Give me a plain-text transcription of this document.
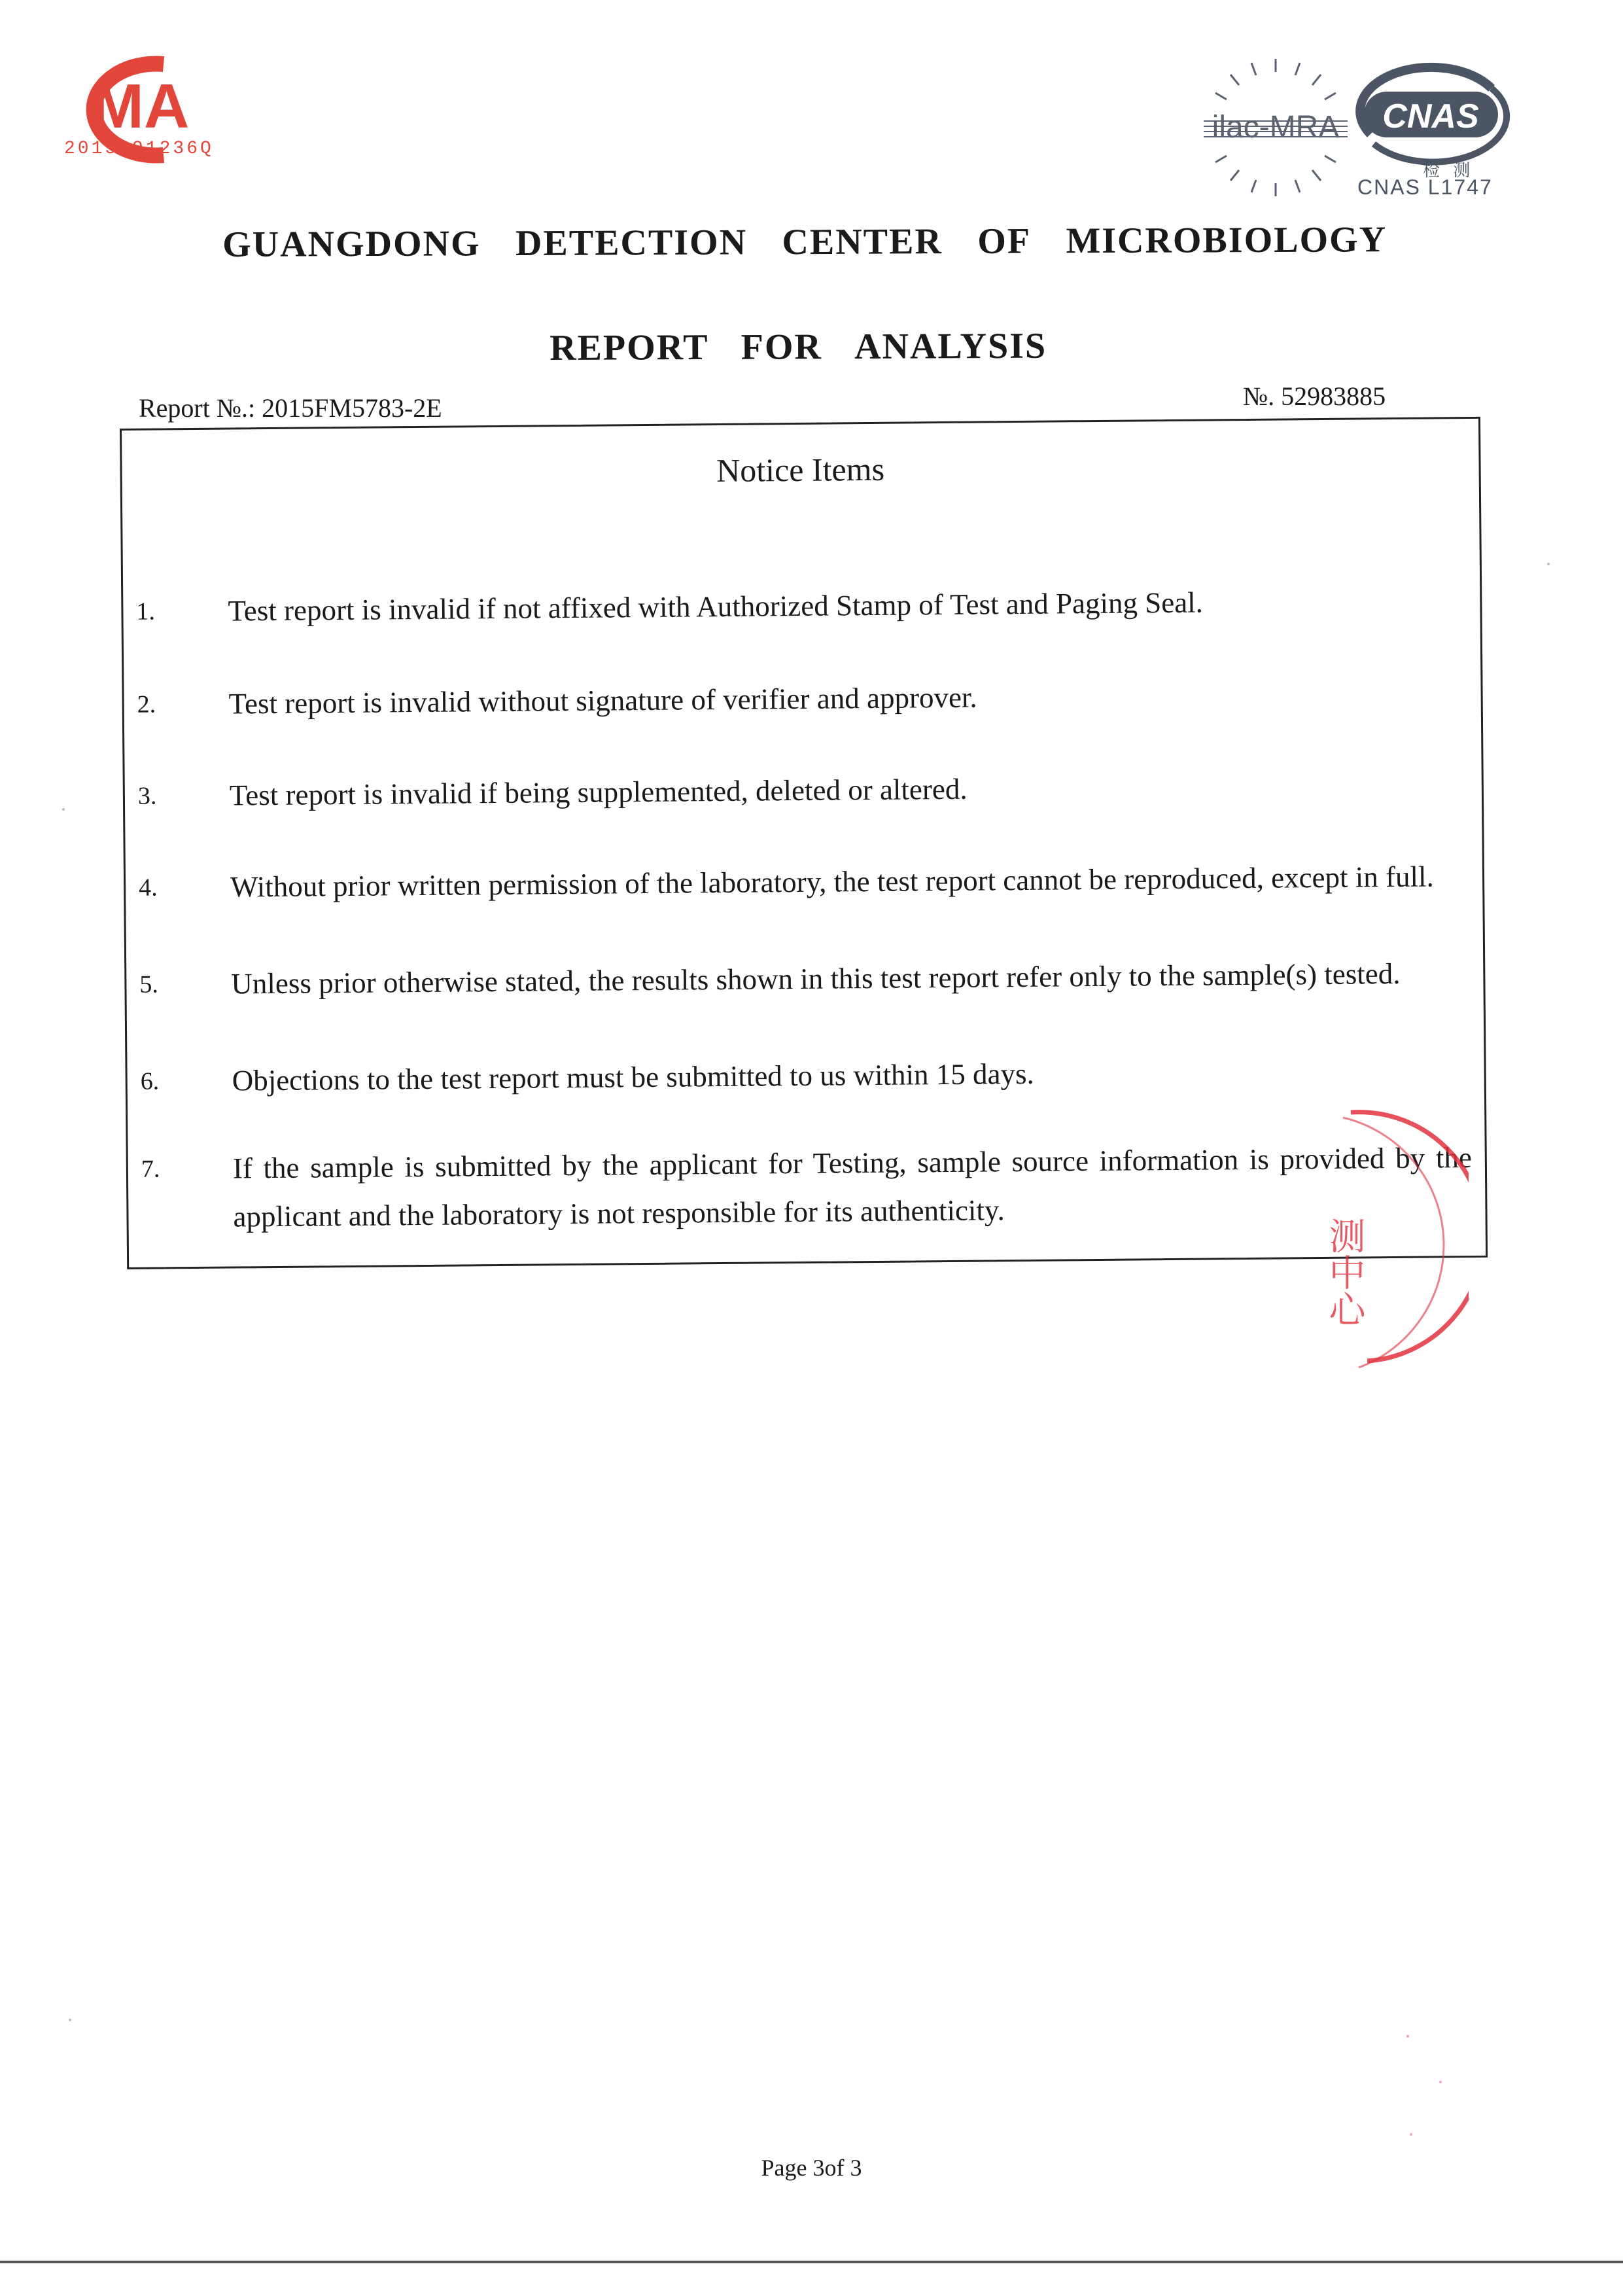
MA
2015191236Q
ilac-MRA CNAS
检 测
CNAS L1747
GUANGDONG DETECTION CENTER OF MICROBIOLOGY
REPORT FOR ANALYSIS
Report №.: 2015FM5783-2E	№. 52983885
Notice Items
1.	Test report is invalid if not affixed with Authorized Stamp of Test and Paging Seal.
2.	Test report is invalid without signature of verifier and approver.
3.	Test report is invalid if being supplemented, deleted or altered.
4.	Without prior written permission of the laboratory, the test report cannot be reproduced, except in full.
5.	Unless prior otherwise stated, the results shown in this test report refer only to the sample(s) tested.
6.	Objections to the test report must be submitted to us within 15 days.
7.	If the sample is submitted by the applicant for Testing, sample source information is provided by the applicant and the laboratory is not responsible for its authenticity.
测中心
Page 3of 3
